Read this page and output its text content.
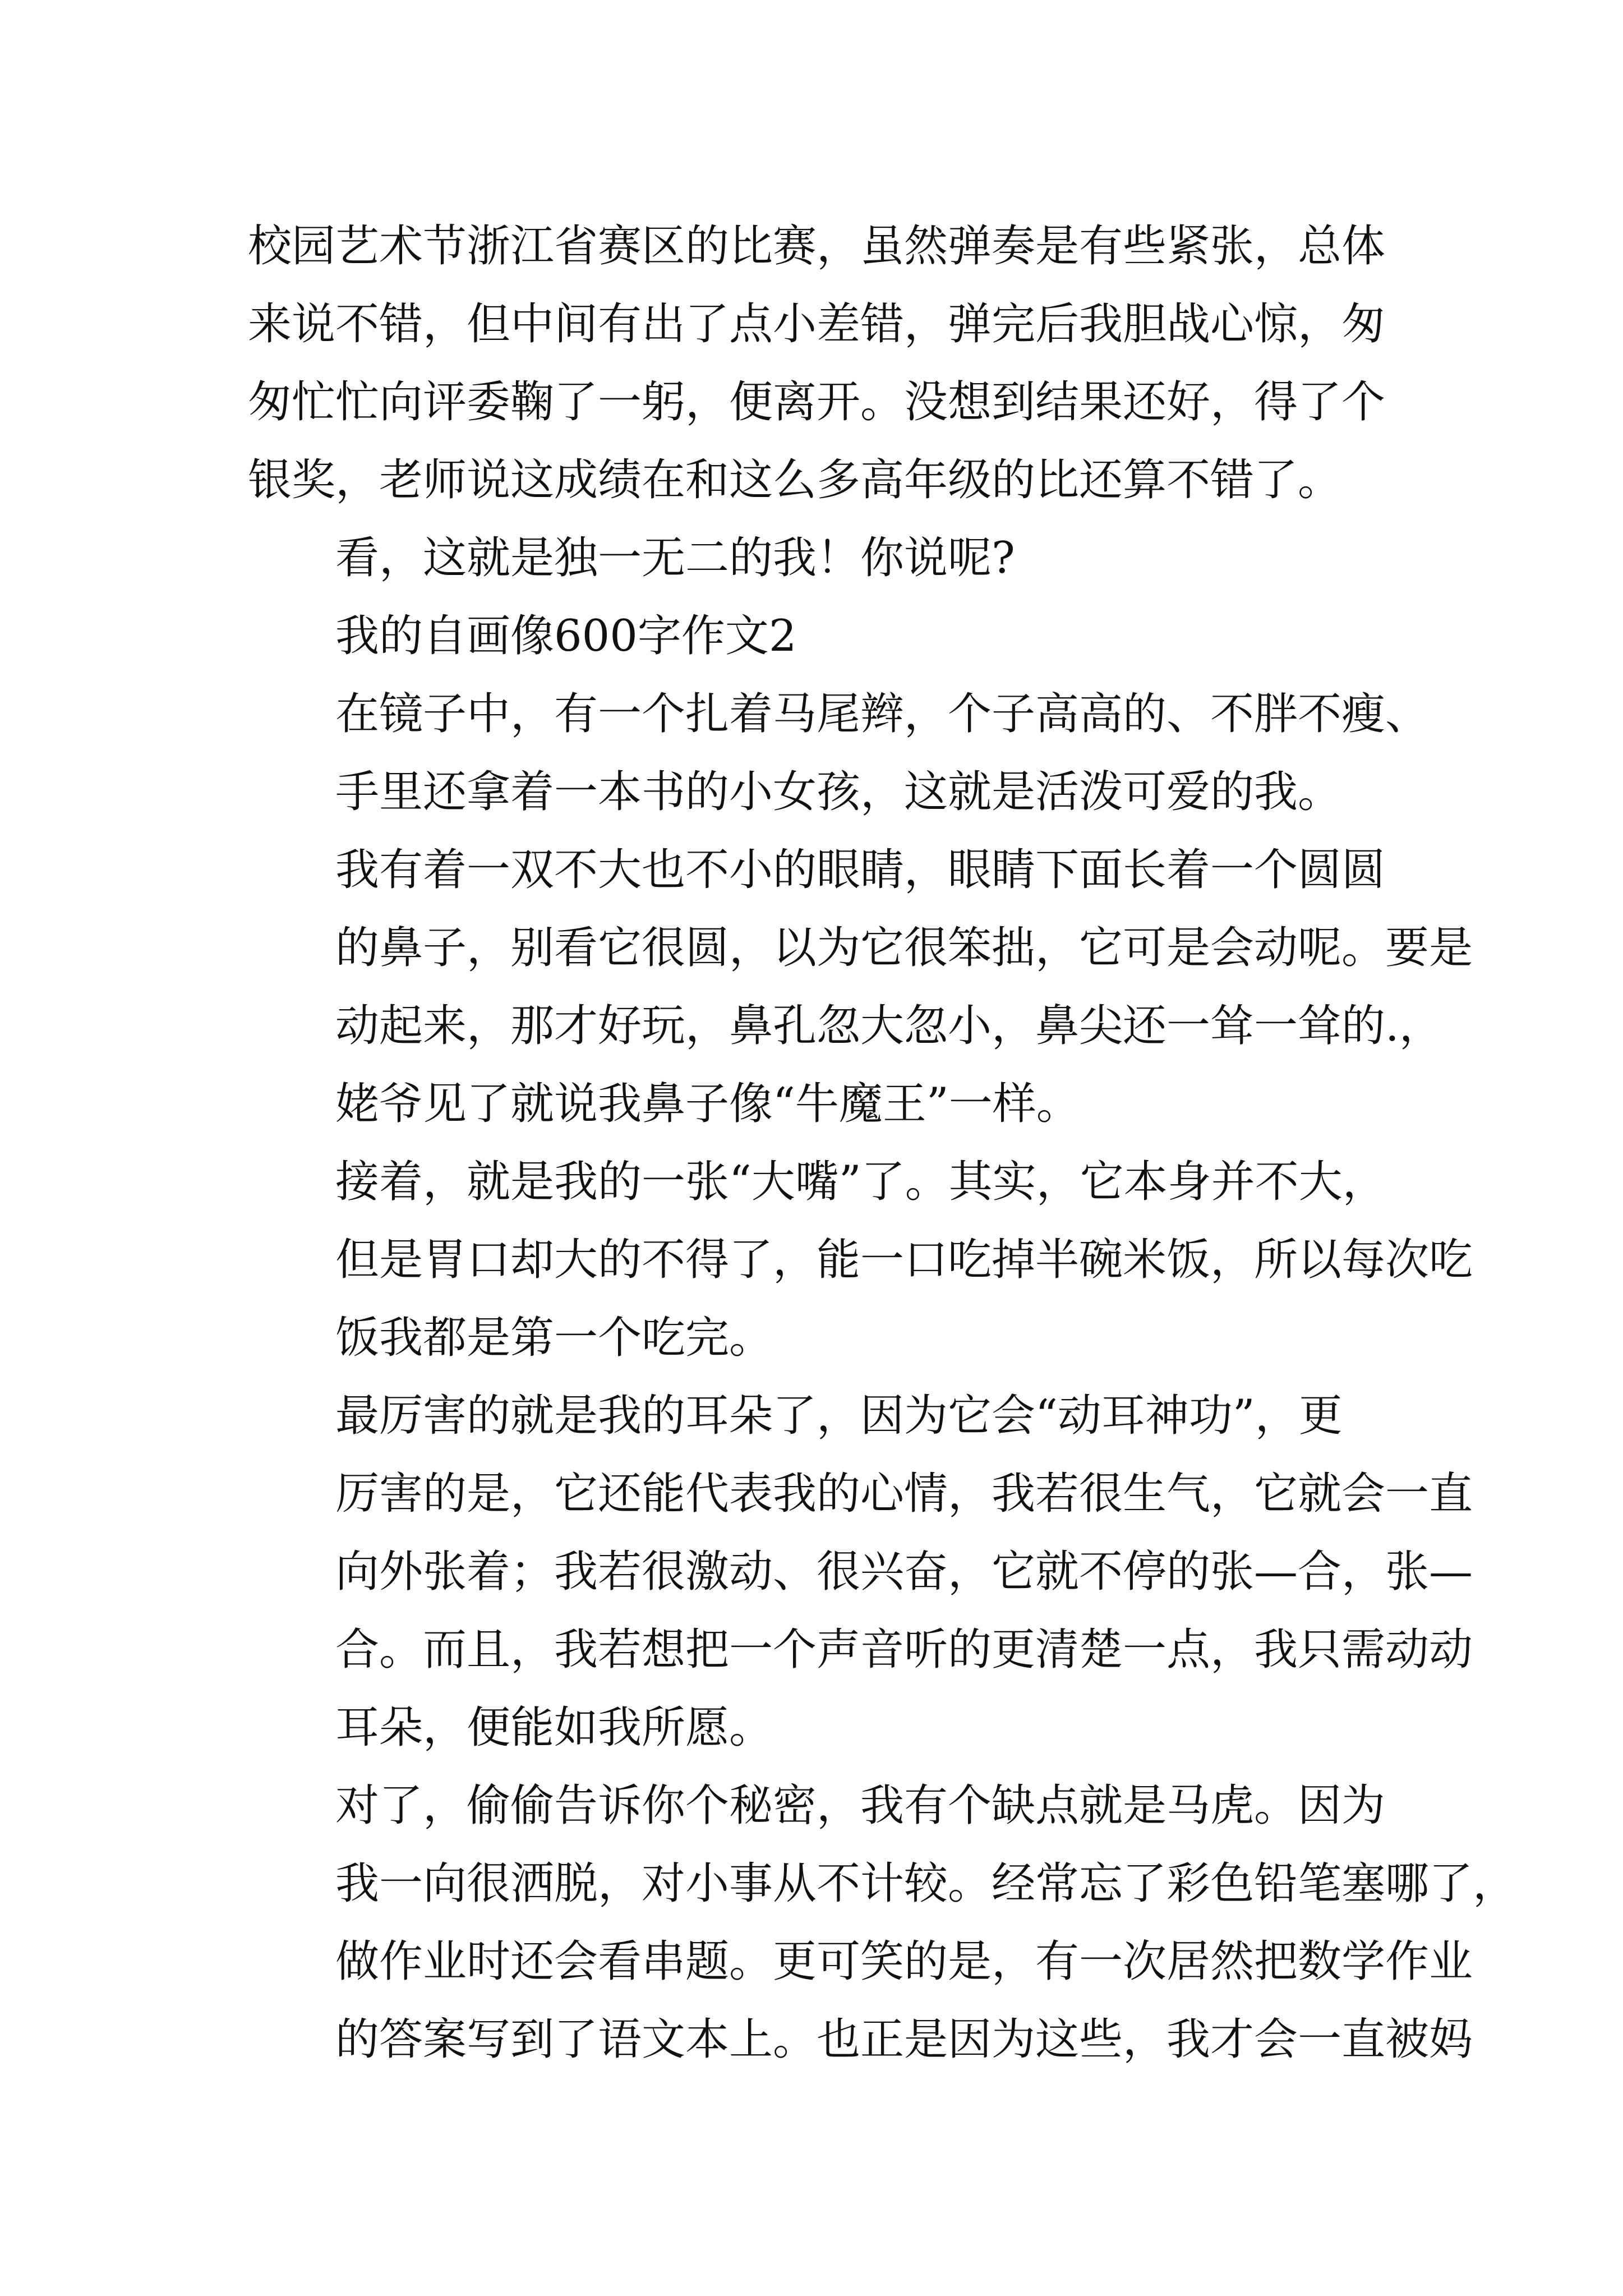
校园艺术节浙江省赛区的比赛，虽然弹奏是有些紧张，总体
来说不错，但中间有出了点小差错，弹完后我胆战心惊，匆
匆忙忙向评委鞠了一躬，便离开。没想到结果还好，得了个
银奖，老师说这成绩在和这么多高年级的比还算不错了。

看，这就是独一无二的我！你说呢?

我的自画像600字作文2

在镜子中，有一个扎着马尾辫，个子高高的、不胖不瘦、
手里还拿着一本书的小女孩，这就是活泼可爱的我。

我有着一双不大也不小的眼睛，眼睛下面长着一个圆圆
的鼻子，别看它很圆，以为它很笨拙，它可是会动呢。要是
动起来，那才好玩，鼻孔忽大忽小，鼻尖还一耸一耸的.，
姥爷见了就说我鼻子像“牛魔王”一样。

接着，就是我的一张“大嘴”了。其实，它本身并不大，
但是胃口却大的不得了，能一口吃掉半碗米饭，所以每次吃
饭我都是第一个吃完。

最厉害的就是我的耳朵了，因为它会“动耳神功”，更
厉害的是，它还能代表我的心情，我若很生气，它就会一直
向外张着；我若很激动、很兴奋，它就不停的张—合，张—
合。而且，我若想把一个声音听的更清楚一点，我只需动动
耳朵，便能如我所愿。

对了，偷偷告诉你个秘密，我有个缺点就是马虎。因为
我一向很洒脱，对小事从不计较。经常忘了彩色铅笔塞哪了，
做作业时还会看串题。更可笑的是，有一次居然把数学作业
的答案写到了语文本上。也正是因为这些，我才会一直被妈
